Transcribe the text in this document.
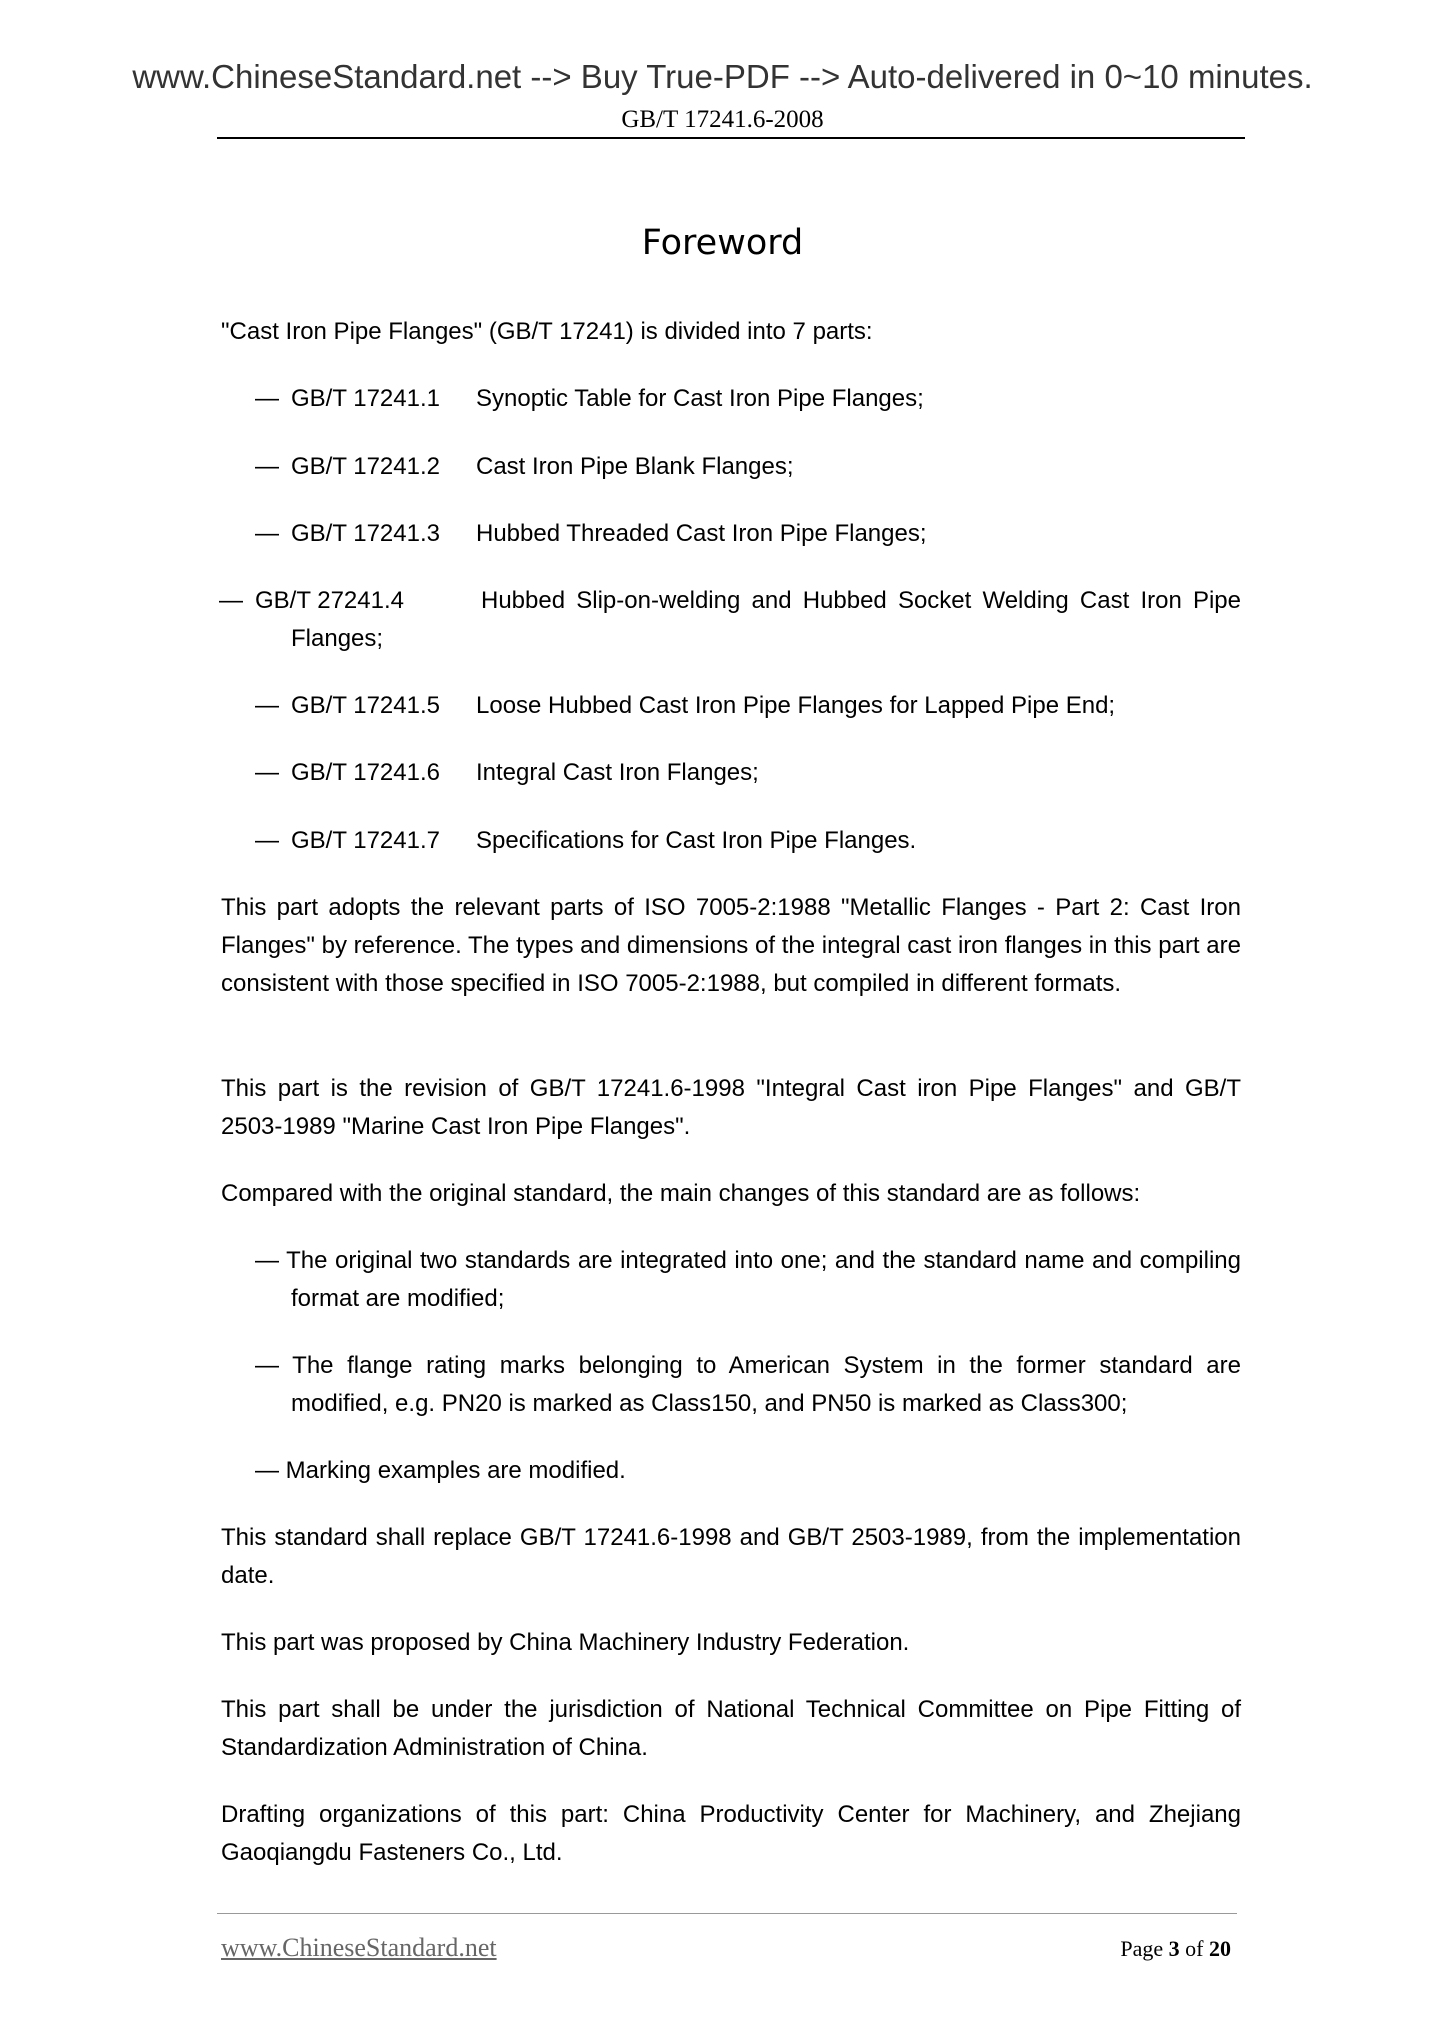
www.ChineseStandard.net --> Buy True-PDF --> Auto-delivered in 0~10 minutes.
GB/T 17241.6-2008
Foreword
"Cast Iron Pipe Flanges" (GB/T 17241) is divided into 7 parts:
— GB/T 17241.1 Synoptic Table for Cast Iron Pipe Flanges;
— GB/T 17241.2 Cast Iron Pipe Blank Flanges;
— GB/T 17241.3 Hubbed Threaded Cast Iron Pipe Flanges;
— GB/T 27241.4	Hubbed Slip-on-welding and Hubbed Socket Welding Cast Iron Pipe Flanges;
— GB/T 17241.5 Loose Hubbed Cast Iron Pipe Flanges for Lapped Pipe End;
— GB/T 17241.6 Integral Cast Iron Flanges;
— GB/T 17241.7 Specifications for Cast Iron Pipe Flanges.
This part adopts the relevant parts of ISO 7005-2:1988 "Metallic Flanges - Part 2: Cast Iron Flanges" by reference. The types and dimensions of the integral cast iron flanges in this part are consistent with those specified in ISO 7005-2:1988, but compiled in different formats.
This part is the revision of GB/T 17241.6-1998 "Integral Cast iron Pipe Flanges" and GB/T 2503-1989 "Marine Cast Iron Pipe Flanges".
Compared with the original standard, the main changes of this standard are as follows:
— The original two standards are integrated into one; and the standard name and compiling format are modified;
— The flange rating marks belonging to American System in the former standard are modified, e.g. PN20 is marked as Class150, and PN50 is marked as Class300;
— Marking examples are modified.
This standard shall replace GB/T 17241.6-1998 and GB/T 2503-1989, from the implementation date.
This part was proposed by China Machinery Industry Federation.
This part shall be under the jurisdiction of National Technical Committee on Pipe Fitting of Standardization Administration of China.
Drafting organizations of this part: China Productivity Center for Machinery, and Zhejiang Gaoqiangdu Fasteners Co., Ltd.
www.ChineseStandard.net	Page 3 of 20
